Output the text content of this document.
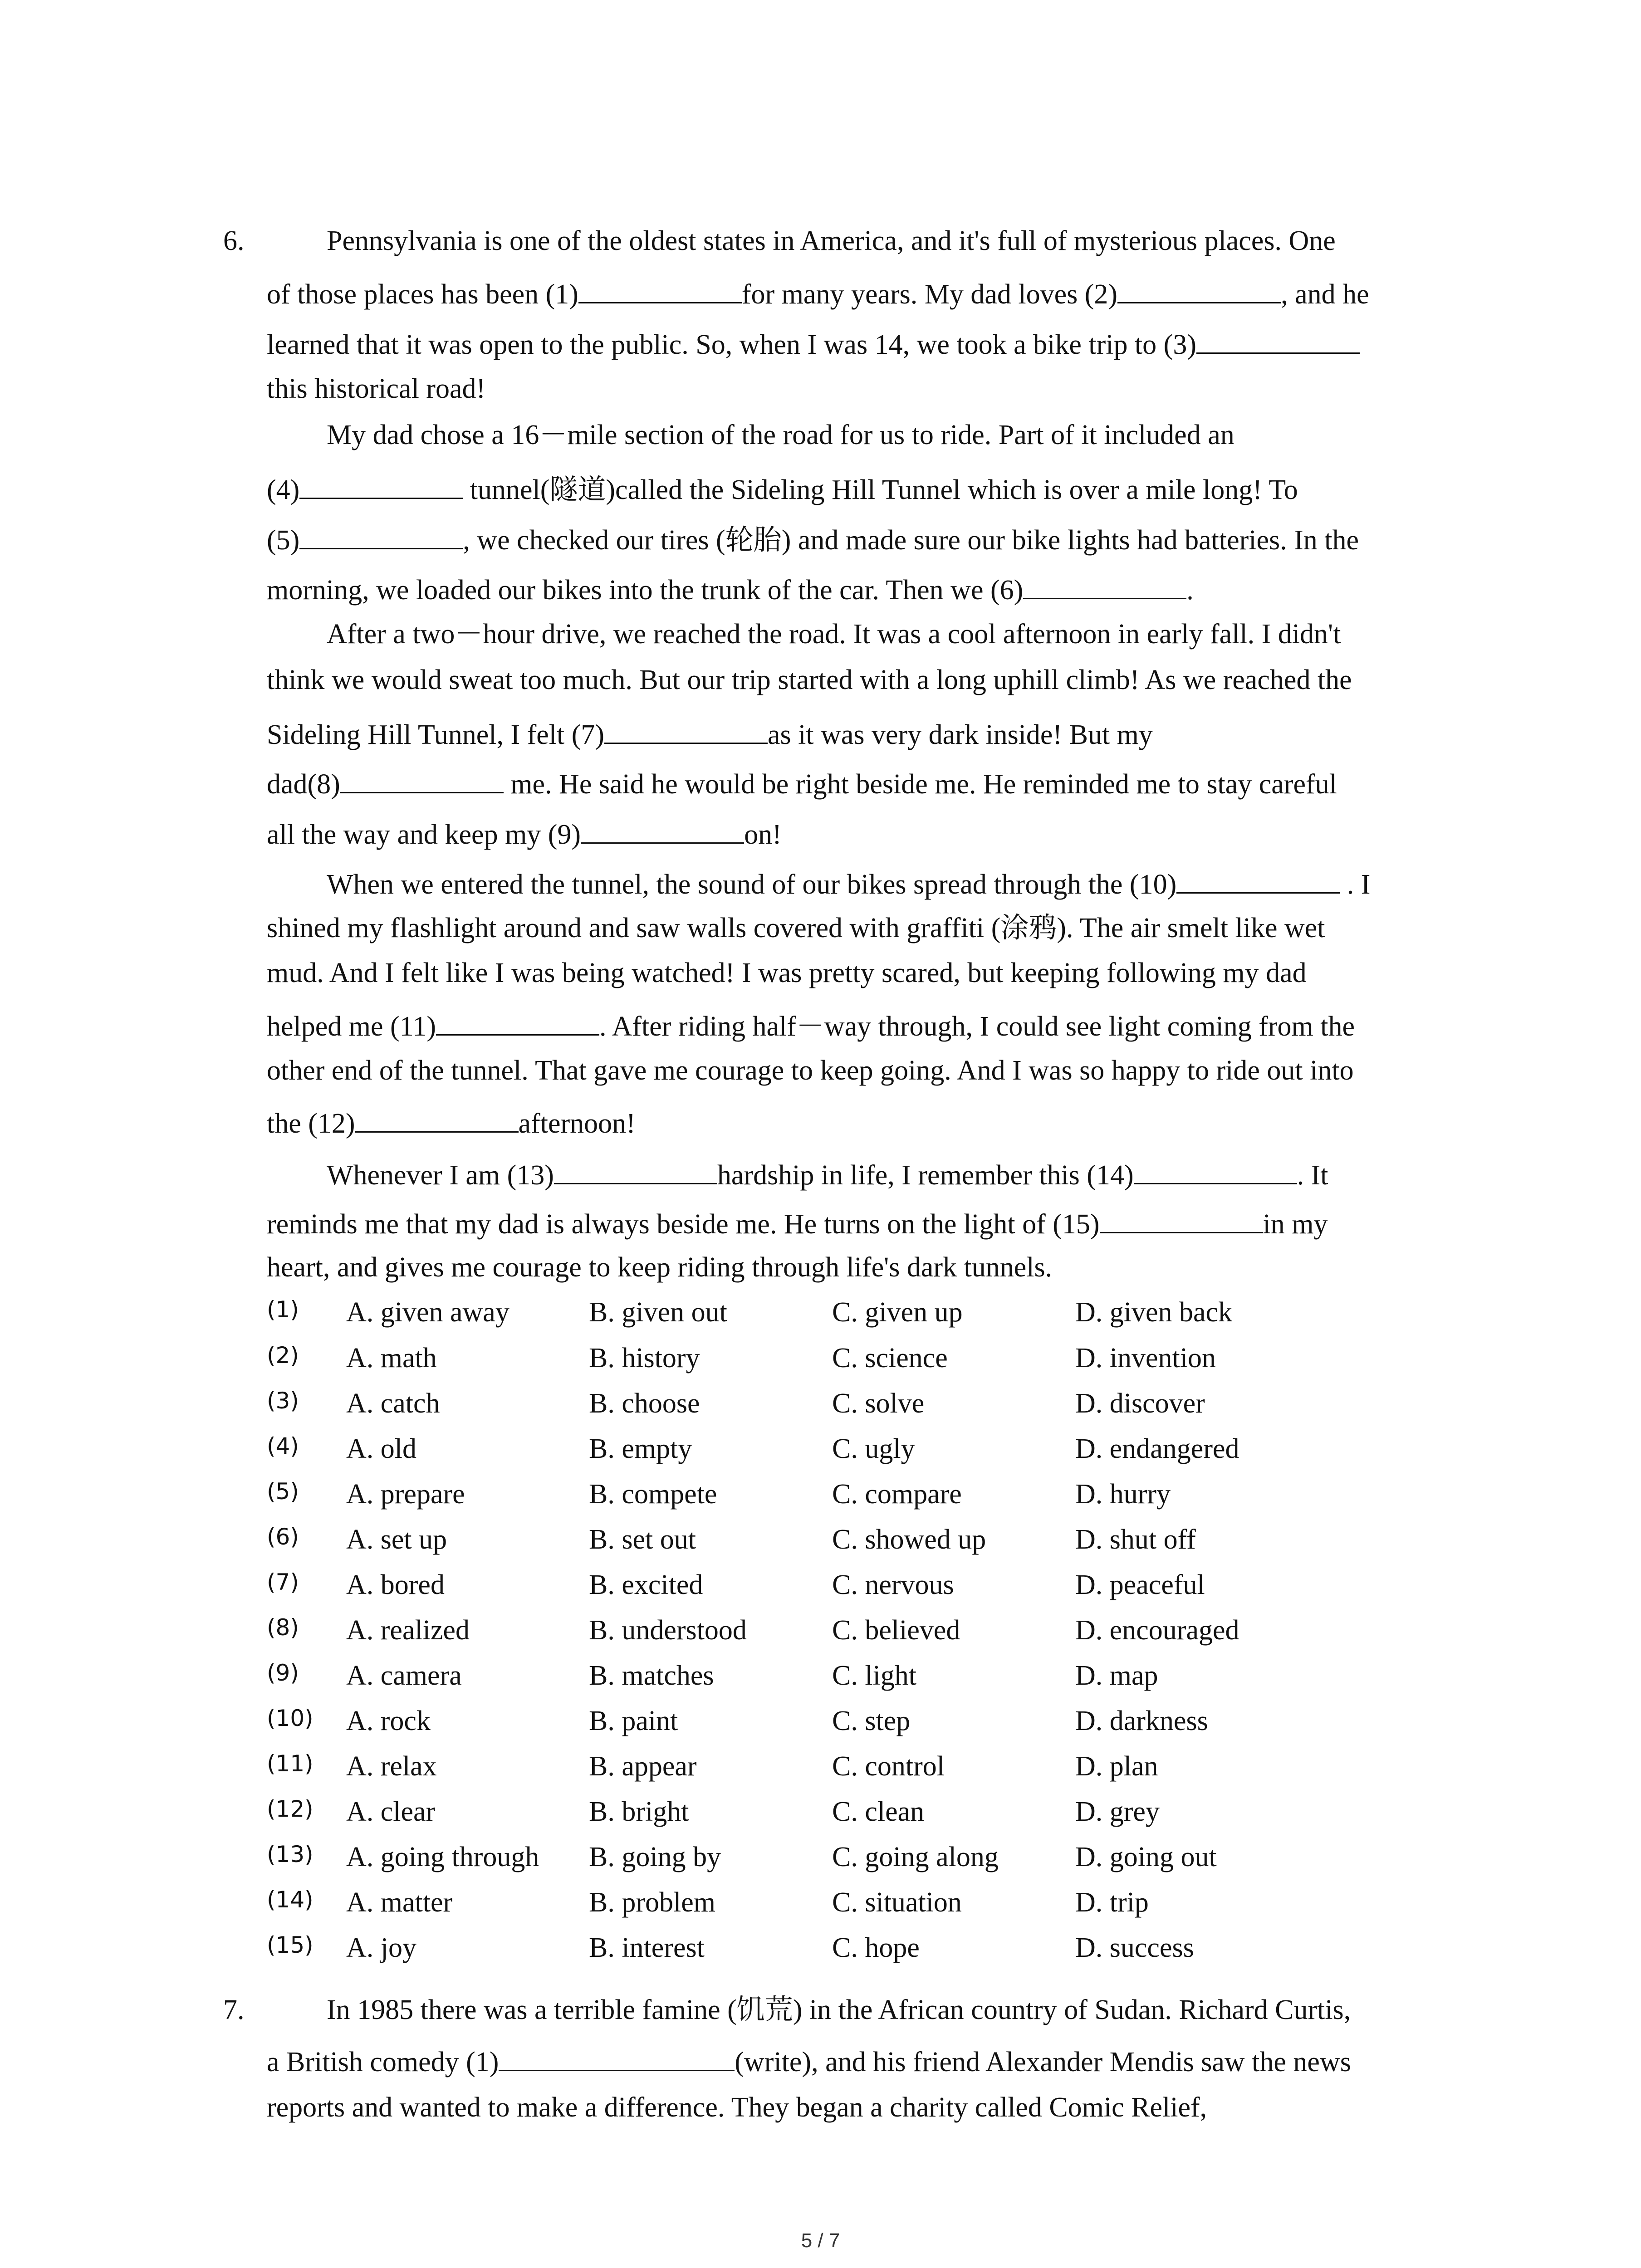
6.	Pennsylvania is one of the oldest states in America, and it's full of mysterious places. One
of those places has been (1)	for many years. My dad loves (2)	, and he
learned that it was open to the public. So, when I was 14, we took a bike trip to (3)
this historical road!
My dad chose a 16－mile section of the road for us to ride. Part of it included an
(4)	tunnel(隧道)called the Sideling Hill Tunnel which is over a mile long! To
(5)	, we checked our tires (轮胎) and made sure our bike lights had batteries. In the
morning, we loaded our bikes into the trunk of the car. Then we (6)	.
After a two－hour drive, we reached the road. It was a cool afternoon in early fall. I didn't
think we would sweat too much. But our trip started with a long uphill climb! As we reached the
Sideling Hill Tunnel, I felt (7)	as it was very dark inside! But my
dad(8)	me. He said he would be right beside me. He reminded me to stay careful
all the way and keep my (9)	on!
When we entered the tunnel, the sound of our bikes spread through the (10)	. I
shined my flashlight around and saw walls covered with graffiti (涂鸦). The air smelt like wet
mud. And I felt like I was being watched! I was pretty scared, but keeping following my dad
helped me (11)	. After riding half－way through, I could see light coming from the
other end of the tunnel. That gave me courage to keep going. And I was so happy to ride out into
the (12)	afternoon!
Whenever I am (13)	hardship in life, I remember this (14)	. It
reminds me that my dad is always beside me. He turns on the light of (15)	in my
heart, and gives me courage to keep riding through life's dark tunnels.
(1) A. given away	B. given out	C. given up	D. given back
(2) A. math	B. history	C. science	D. invention
(3) A. catch	B. choose	C. solve	D. discover
(4) A. old	B. empty	C. ugly	D. endangered
(5) A. prepare	B. compete	C. compare	D. hurry
(6) A. set up	B. set out	C. showed up	D. shut off
(7) A. bored	B. excited	C. nervous	D. peaceful
(8) A. realized	B. understood	C. believed	D. encouraged
(9) A. camera	B. matches	C. light	D. map
(10) A. rock	B. paint	C. step	D. darkness
(11) A. relax	B. appear	C. control	D. plan
(12) A. clear	B. bright	C. clean	D. grey
(13) A. going through B. going by	C. going along	D. going out
(14) A. matter	B. problem	C. situation	D. trip
(15) A. joy	B. interest	C. hope	D. success
7.	In 1985 there was a terrible famine (饥荒) in the African country of Sudan. Richard Curtis,
a British comedy (1)	(write), and his friend Alexander Mendis saw the news
reports and wanted to make a difference. They began a charity called Comic Relief,
5 / 7
